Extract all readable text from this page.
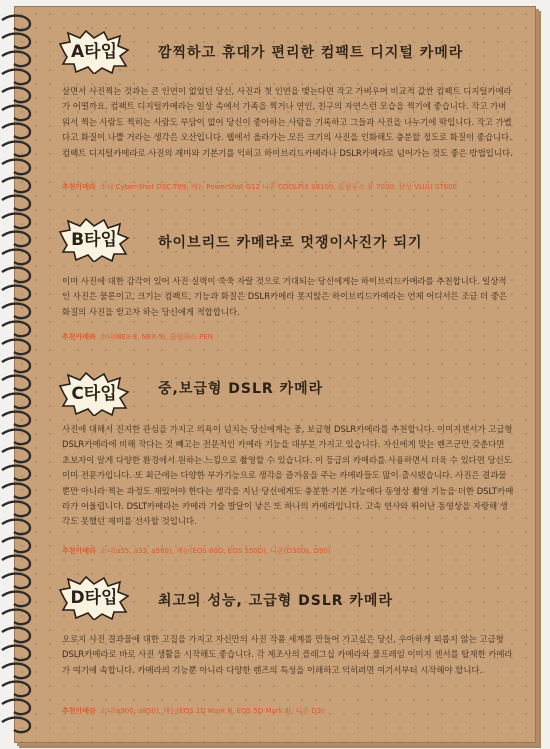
A타입	깜찍하고 휴대가 편리한 컴팩트 디지털 카메라

살면서 사진찍는 것과는 큰 인연이 없었던 당신, 사진과 첫 인연을 맺는다면 작고 가벼우며 비교적 값싼 컴팩트 디지털카메라가 어떨까요. 컴팩트 디지털카메라는 일상 속에서 가족을 찍거나 연인, 친구의 자연스런 모습을 찍기에 좋습니다. 작고 가벼워서 찍는 사람도 찍히는 사람도 부담이 없어 당신이 좋아하는 사람을 기록하고 그들과 사진을 나누기에 딱입니다. 작고 가볍다고 화질이 나쁠 거라는 생각은 오산입니다. 웹에서 올라가는 모든 크기의 사진을 인화해도 충분할 정도로 화질이 좋습니다. 컴팩트 디지털카메라로 사진의 재미와 기본기를 익히고 하이브리드카메라나 DSLR카메라로 넘어가는 것도 좋은 방법입니다.

추천카메라 소니 Cyber-Shot DSC-T99, 캐논 PowerShot G12 니콘 COOLPIX S8100, 올림푸스 뮤 7030, 삼성 VLUU ST600
B타입	하이브리드 카메라로 멋쟁이사진가 되기

이미 사진에 대한 감각이 있어 사진 실력이 쑥쑥 자랄 것으로 기대되는 당신에게는 하이브리드카메라를 추천합니다. 일상적인 사진은 물론이고, 크기는 컴팩트, 기능과 화질은 DSLR카메라 못지않은 하이브리드카메라는 언제 어디서든 조금 더 좋은 화질의 사진을 얻고자 하는 당신에게 적합합니다.

추천카메라 소니(NEX-3, NEX-5), 올림푸스 PEN
C타입	중,보급형 DSLR 카메라

사진에 대해서 진지한 관심을 가지고 의욕이 넘치는 당신에게는 중, 보급형 DSLR카메라를 추천합니다. 이미지센서가 고급형 DSLR카메라에 비해 작다는 것 빼고는 전문적인 카메라 기능을 대부분 가지고 있습니다. 자신에게 맞는 렌즈군만 갖춘다면 초보자이 알게 다양한 환경에서 원하는 느낌으로 촬영할 수 있습니다. 이 등급의 카메라를 사용하면서 더욱 수 있다면 당신도 이미 전문가입니다. 또 최근에는 다양한 부가기능으로 생각을 즐거움을 주는 카메라들도 많이 출시됐습니다. 사진은 결과물뿐만 아니라 찍는 과정도 재밌어야 한다는 생각을 지닌 당신에게도 충분한 기본 기능에다 동영상 촬영 기능을 더한 DSLT카메라가 어울립니다. DSLT카메라는 카메라 기술 발달이 낳은 또 하나의 카메라입니다. 고속 연사와 뛰어난 동영상을 자랑해 생각도 못했던 재미를 선사할 것입니다.

추천카메라 소니(a55, a33, a580), 캐논(EOS 60D, EOS 550D), 니콘(D300s, D90)
D타입	최고의 성능, 고급형 DSLR 카메라

오로지 사진 결과물에 대한 고집을 가지고 자신만의 사진 작품 세계를 만들어 가고싶은 당신, 우아하게 외롭지 않는 고급형 DSLR카메라로 바로 사진 생활을 시작해도 좋습니다. 각 제조사의 플래그십 카메라와 풀프레임 이미지 센서를 탑재한 카메라가 여기에 속합니다. 카메라의 기능뿐 아니라 다양한 렌즈의 특성을 이해하고 익히려면 여기서부터 시작해야 합니다.

추천카메라 소니(a900, a850), 캐논(EOS 1D Mark Ⅲ, EOS 5D Mark Ⅱ), 니콘 D3s
